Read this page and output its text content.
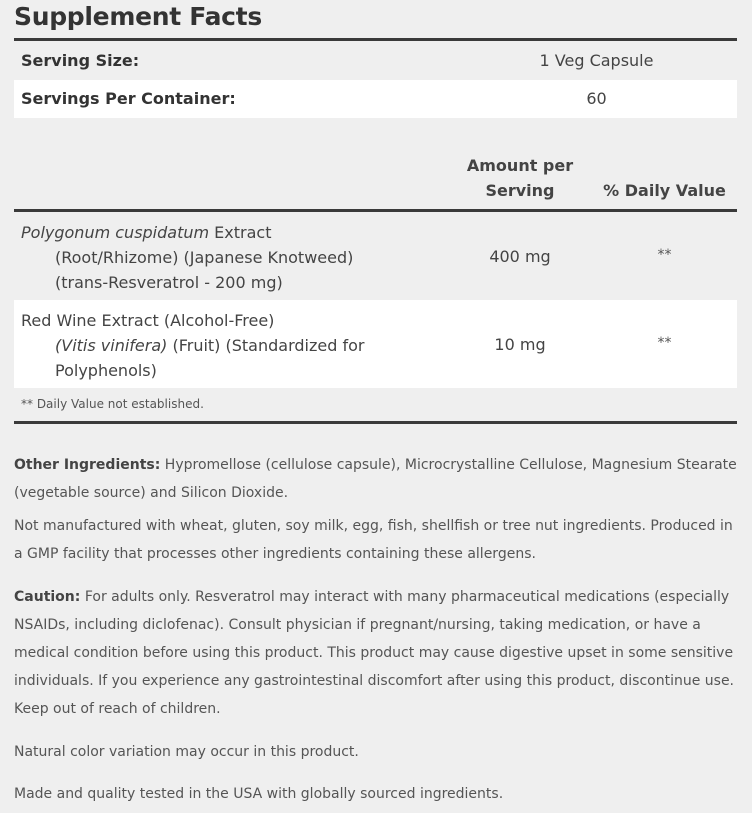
Supplement Facts
Serving Size:	1 Veg Capsule
Servings Per Container:	60
Amount per
Serving	% Daily Value
Polygonum cuspidatum Extract
(Root/Rhizome) (Japanese Knotweed)
(trans-Resveratrol - 200 mg)
400 mg	**
Red Wine Extract (Alcohol-Free)
(Vitis vinifera) (Fruit) (Standardized for
Polyphenols)
10 mg	**
** Daily Value not established.
Other Ingredients: Hypromellose (cellulose capsule), Microcrystalline Cellulose, Magnesium Stearate (vegetable source) and Silicon Dioxide.
Not manufactured with wheat, gluten, soy milk, egg, fish, shellfish or tree nut ingredients. Produced in a GMP facility that processes other ingredients containing these allergens.
Caution: For adults only. Resveratrol may interact with many pharmaceutical medications (especially NSAIDs, including diclofenac). Consult physician if pregnant/nursing, taking medication, or have a medical condition before using this product. This product may cause digestive upset in some sensitive individuals. If you experience any gastrointestinal discomfort after using this product, discontinue use. Keep out of reach of children.
Natural color variation may occur in this product.
Made and quality tested in the USA with globally sourced ingredients.
